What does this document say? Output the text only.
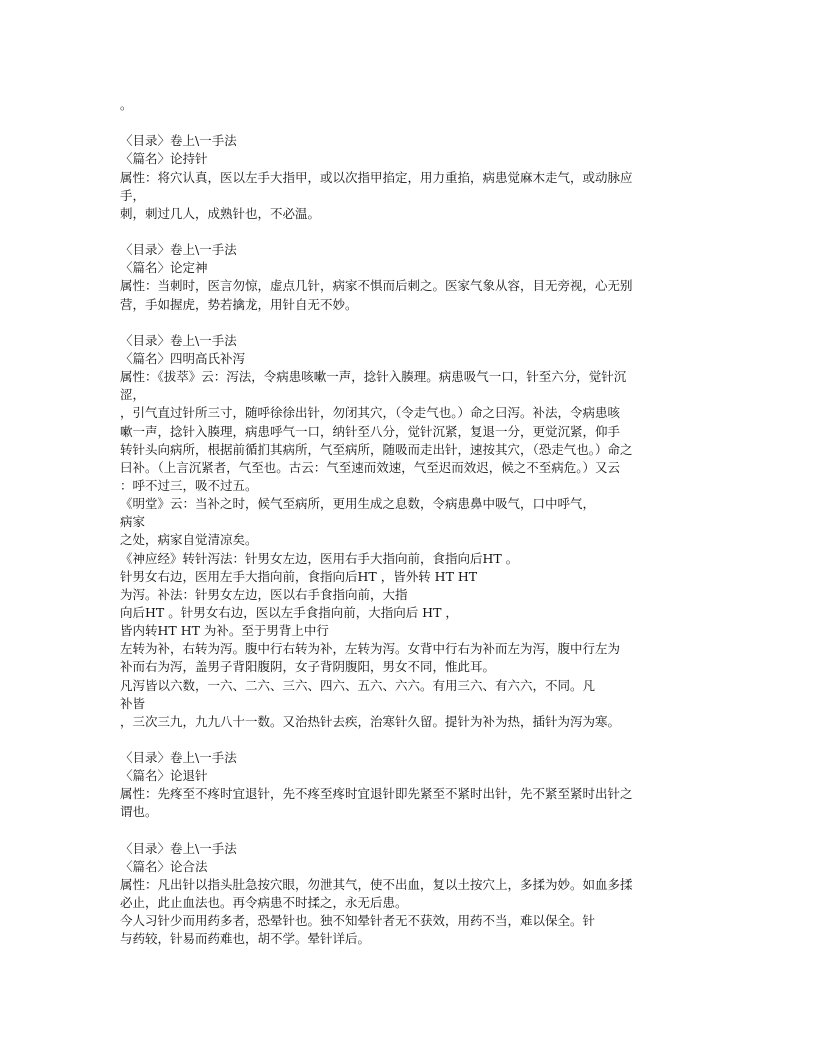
。
〈目录〉卷上\一手法
〈篇名〉论持针
属性：将穴认真，医以左手大指甲，或以次指甲掐定，用力重掐，病患觉麻木走气，或动脉应
手，
刺，刺过几人，成熟针也，不必温。
〈目录〉卷上\一手法
〈篇名〉论定神
属性：当刺时，医言勿惊，虚点几针，病家不惧而后刺之。医家气象从容，目无旁视，心无别
营，手如握虎，势若擒龙，用针自无不妙。
〈目录〉卷上\一手法
〈篇名〉四明高氏补泻
属性：《拔萃》云：泻法，令病患咳嗽一声，捻针入腠理。病患吸气一口，针至六分，觉针沉
涩，
，引气直过针所三寸，随呼徐徐出针，勿闭其穴，（令走气也。）命之曰泻。补法，令病患咳
嗽一声，捻针入腠理，病患呼气一口，纳针至八分，觉针沉紧，复退一分，更觉沉紧，仰手
转针头向病所，根据前循扪其病所，气至病所，随吸而走出针，速按其穴，（恐走气也。）命之
曰补。（上言沉紧者，气至也。古云：气至速而效速，气至迟而效迟，候之不至病危。）又云
：呼不过三，吸不过五。
《明堂》云：当补之时，候气至病所，更用生成之息数，令病患鼻中吸气，口中呼气，
病家
之处，病家自觉清凉矣。
《神应经》转针泻法：针男女左边，医用右手大指向前，食指向后HT 。
针男女右边，医用左手大指向前，食指向后HT ，皆外转 HT HT
为泻。补法：针男女左边，医以右手食指向前，大指
向后HT 。针男女右边，医以左手食指向前，大指向后 HT ，
皆内转HT HT 为补。至于男背上中行
左转为补，右转为泻。腹中行右转为补，左转为泻。女背中行右为补而左为泻，腹中行左为
补而右为泻，盖男子背阳腹阴，女子背阴腹阳，男女不同，惟此耳。
凡泻皆以六数，一六、二六、三六、四六、五六、六六。有用三六、有六六，不同。凡
补皆
，三次三九，九九八十一数。又治热针去疾，治寒针久留。提针为补为热，插针为泻为寒。
〈目录〉卷上\一手法
〈篇名〉论退针
属性：先疼至不疼时宜退针，先不疼至疼时宜退针即先紧至不紧时出针，先不紧至紧时出针之
谓也。
〈目录〉卷上\一手法
〈篇名〉论合法
属性：凡出针以指头肚急按穴眼，勿泄其气，使不出血，复以土按穴上，多揉为妙。如血多揉
必止，此止血法也。再令病患不时揉之，永无后患。
今人习针少而用药多者，恐晕针也。独不知晕针者无不获效，用药不当，难以保全。针
与药较，针易而药难也，胡不学。晕针详后。
